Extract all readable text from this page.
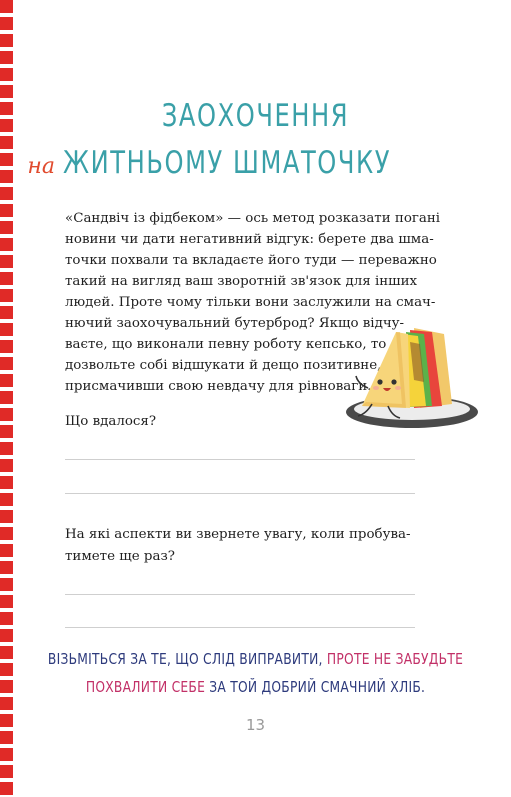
ЗАОХОЧЕННЯ
на ЖИТНЬОМУ ШМАТОЧКУ
«Сандвіч із фідбеком» — ось метод розказати погані
новини чи дати негативний відгук: берете два шма-
точки похвали та вкладаєте його туди — переважно
такий на вигляд ваш зворотній зв'язок для інших
людей. Проте чому тільки вони заслужили на смач-
нючий заохочувальний бутерброд? Якщо відчу-
ваєте, що виконали певну роботу кепсько, то
дозвольте собі відшукати й дещо позитивне,
присмачивши свою невдачу для рівноваги.
Що вдалося?
На які аспекти ви звернете увагу, коли пробува-
тимете ще раз?
ВІЗЬМІТЬСЯ ЗА ТЕ, ЩО СЛІД ВИПРАВИТИ, ПРОТЕ НЕ ЗАБУДЬТЕ
ПОХВАЛИТИ СЕБЕ ЗА ТОЙ ДОБРИЙ СМАЧНИЙ ХЛІБ.
13
